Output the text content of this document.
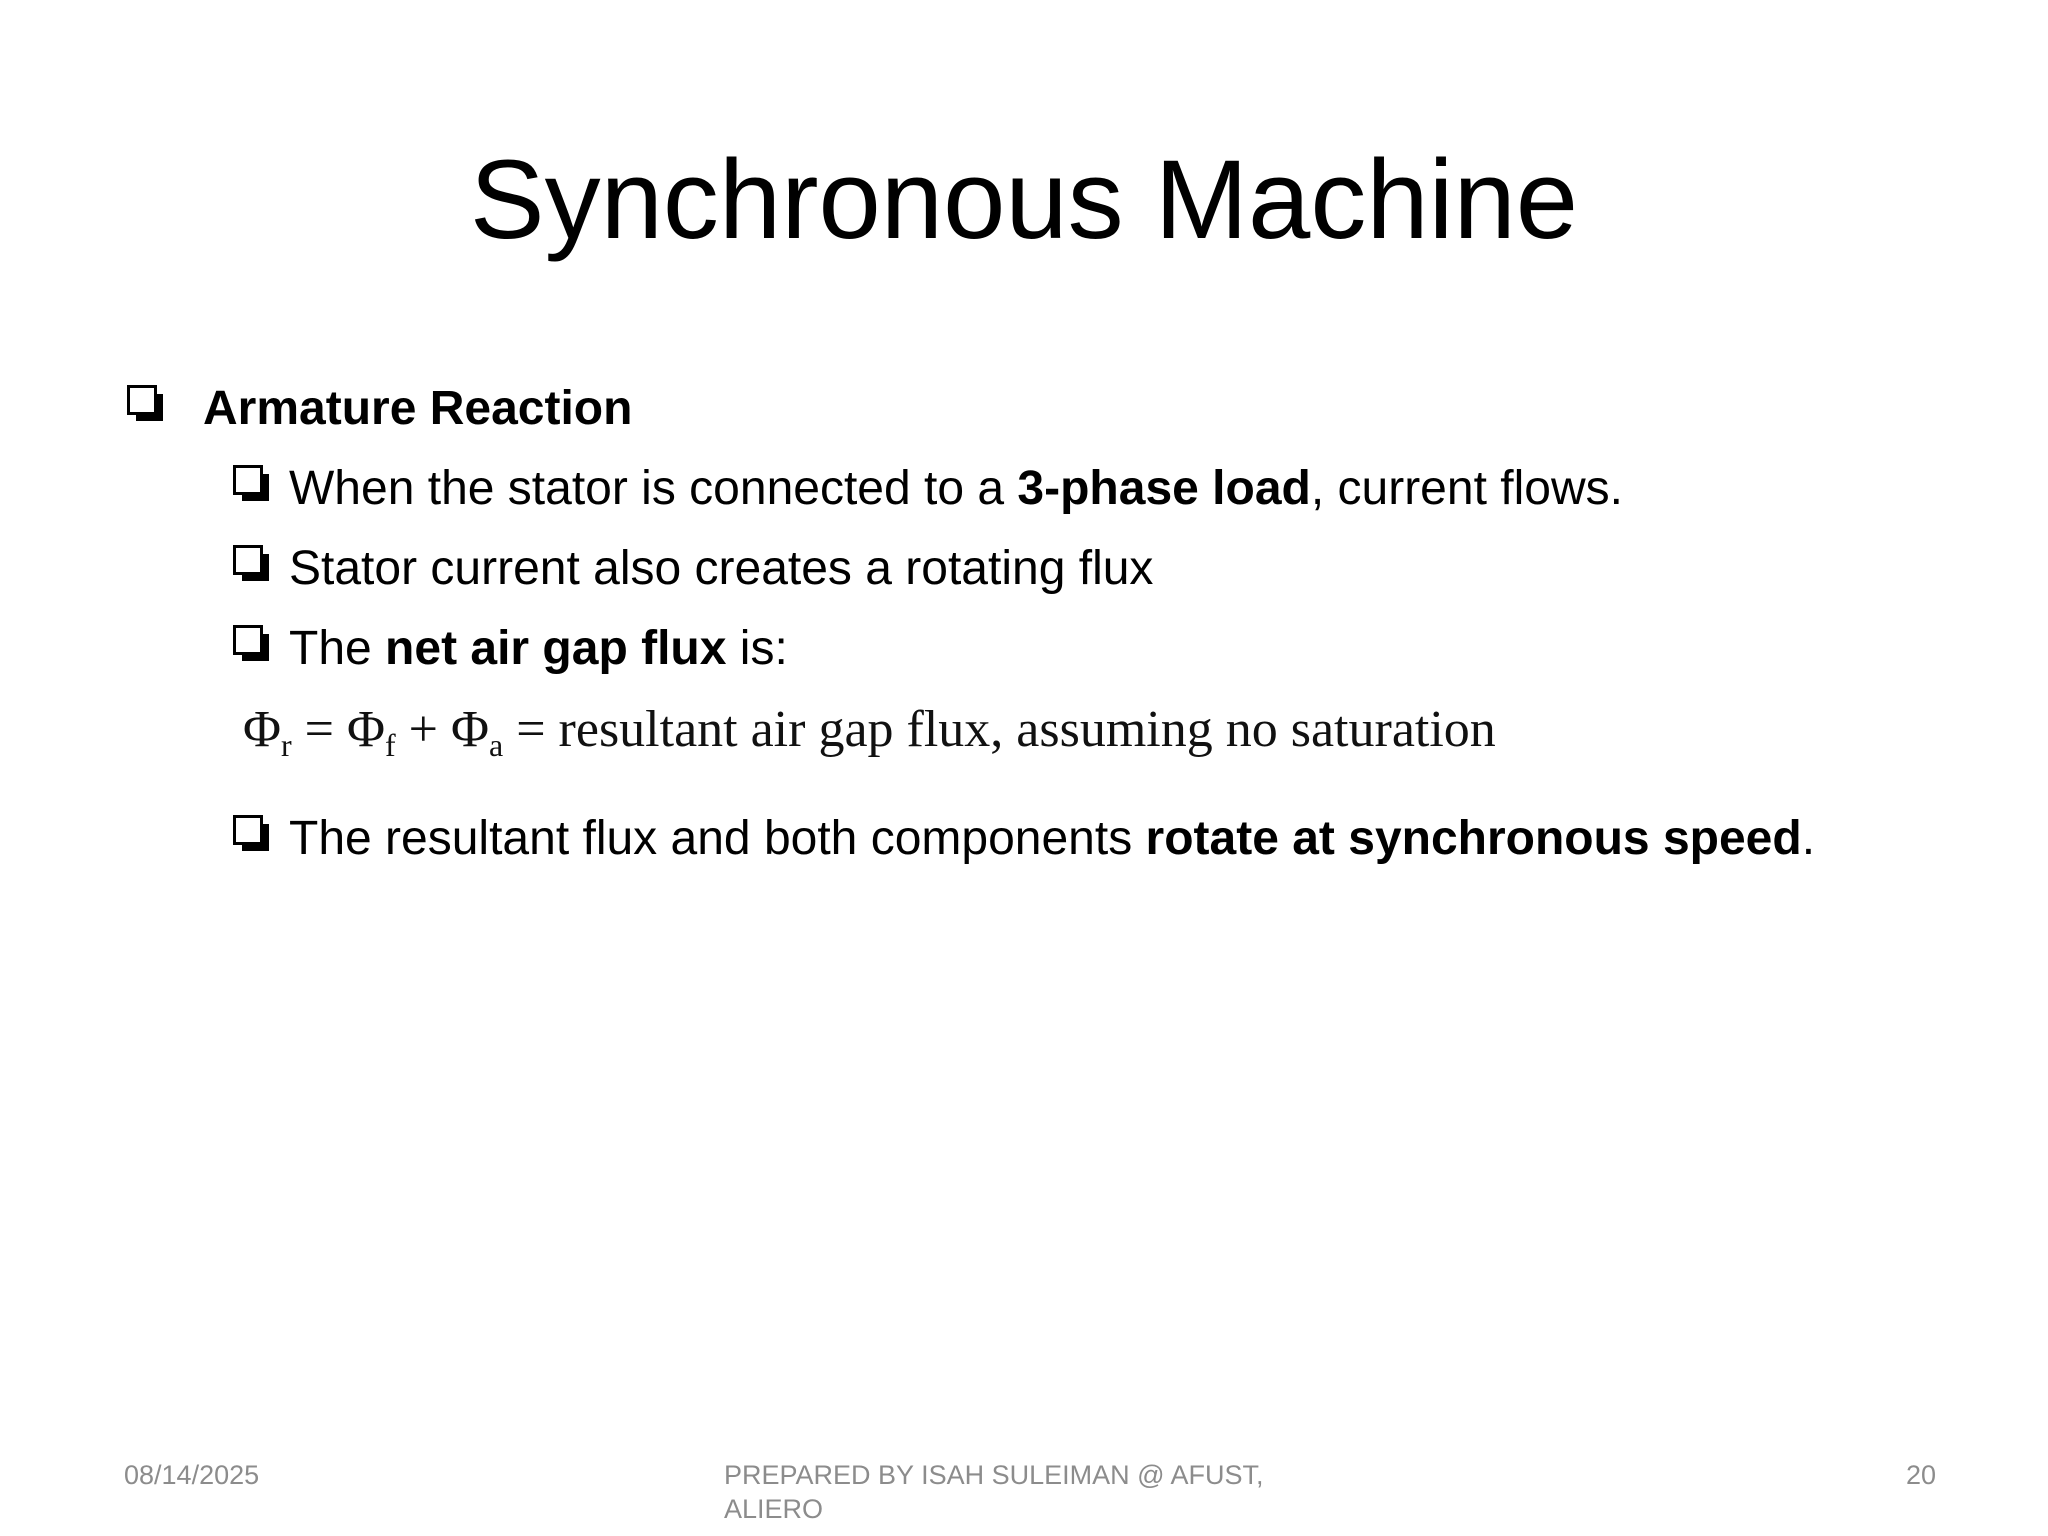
Synchronous Machine
Armature Reaction
When the stator is connected to a 3-phase load, current flows.
Stator current also creates a rotating flux
The net air gap flux is:
$\Phi_r = \Phi_f + \Phi_a$ = resultant air gap flux, assuming no saturation
The resultant flux and both components rotate at synchronous speed.
08/14/2025	PREPARED BY ISAH SULEIMAN @ AFUST, ALIERO
20
